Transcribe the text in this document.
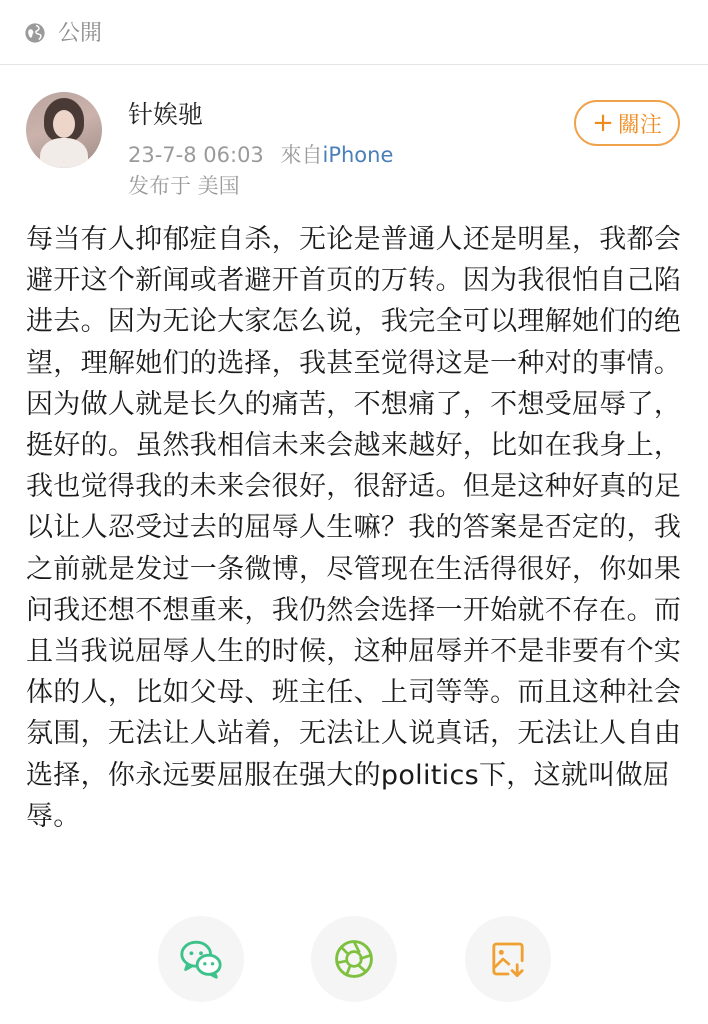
公開
针娭驰
23-7-8 06:03 來自iPhone
发布于 美国
+ 關注

每当有人抑郁症自杀，无论是普通人还是明星，我都会避开这个新闻或者避开首页的万转。因为我很怕自己陷进去。因为无论大家怎么说，我完全可以理解她们的绝望，理解她们的选择，我甚至觉得这是一种对的事情。因为做人就是长久的痛苦，不想痛了，不想受屈辱了，挺好的。虽然我相信未来会越来越好，比如在我身上，我也觉得我的未来会很好，很舒适。但是这种好真的足以让人忍受过去的屈辱人生嘛？我的答案是否定的，我之前就是发过一条微博，尽管现在生活得很好，你如果问我还想不想重来，我仍然会选择一开始就不存在。而且当我说屈辱人生的时候，这种屈辱并不是非要有个实体的人，比如父母、班主任、上司等等。而且这种社会氛围，无法让人站着，无法让人说真话，无法让人自由选择，你永远要屈服在强大的politics下，这就叫做屈辱。
